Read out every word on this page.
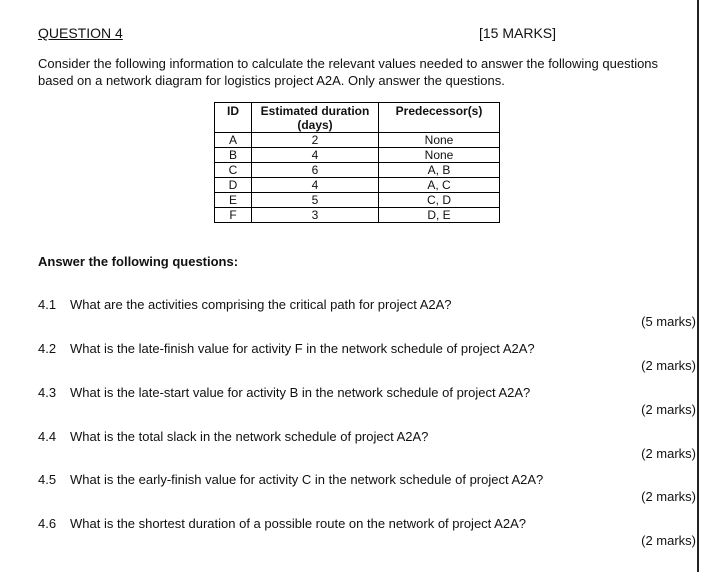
QUESTION 4	[15 MARKS]
Consider the following information to calculate the relevant values needed to answer the following questions based on a network diagram for logistics project A2A. Only answer the questions.
ID	Estimated duration (days)	Predecessor(s)
A	2	None
B	4	None
C	6	A, B
D	4	A, C
E	5	C, D
F	3	D, E
Answer the following questions:
4.1 What are the activities comprising the critical path for project A2A?
(5 marks)
4.2 What is the late-finish value for activity F in the network schedule of project A2A?
(2 marks)
4.3 What is the late-start value for activity B in the network schedule of project A2A?
(2 marks)
4.4 What is the total slack in the network schedule of project A2A?
(2 marks)
4.5 What is the early-finish value for activity C in the network schedule of project A2A?
(2 marks)
4.6 What is the shortest duration of a possible route on the network of project A2A?
(2 marks)
